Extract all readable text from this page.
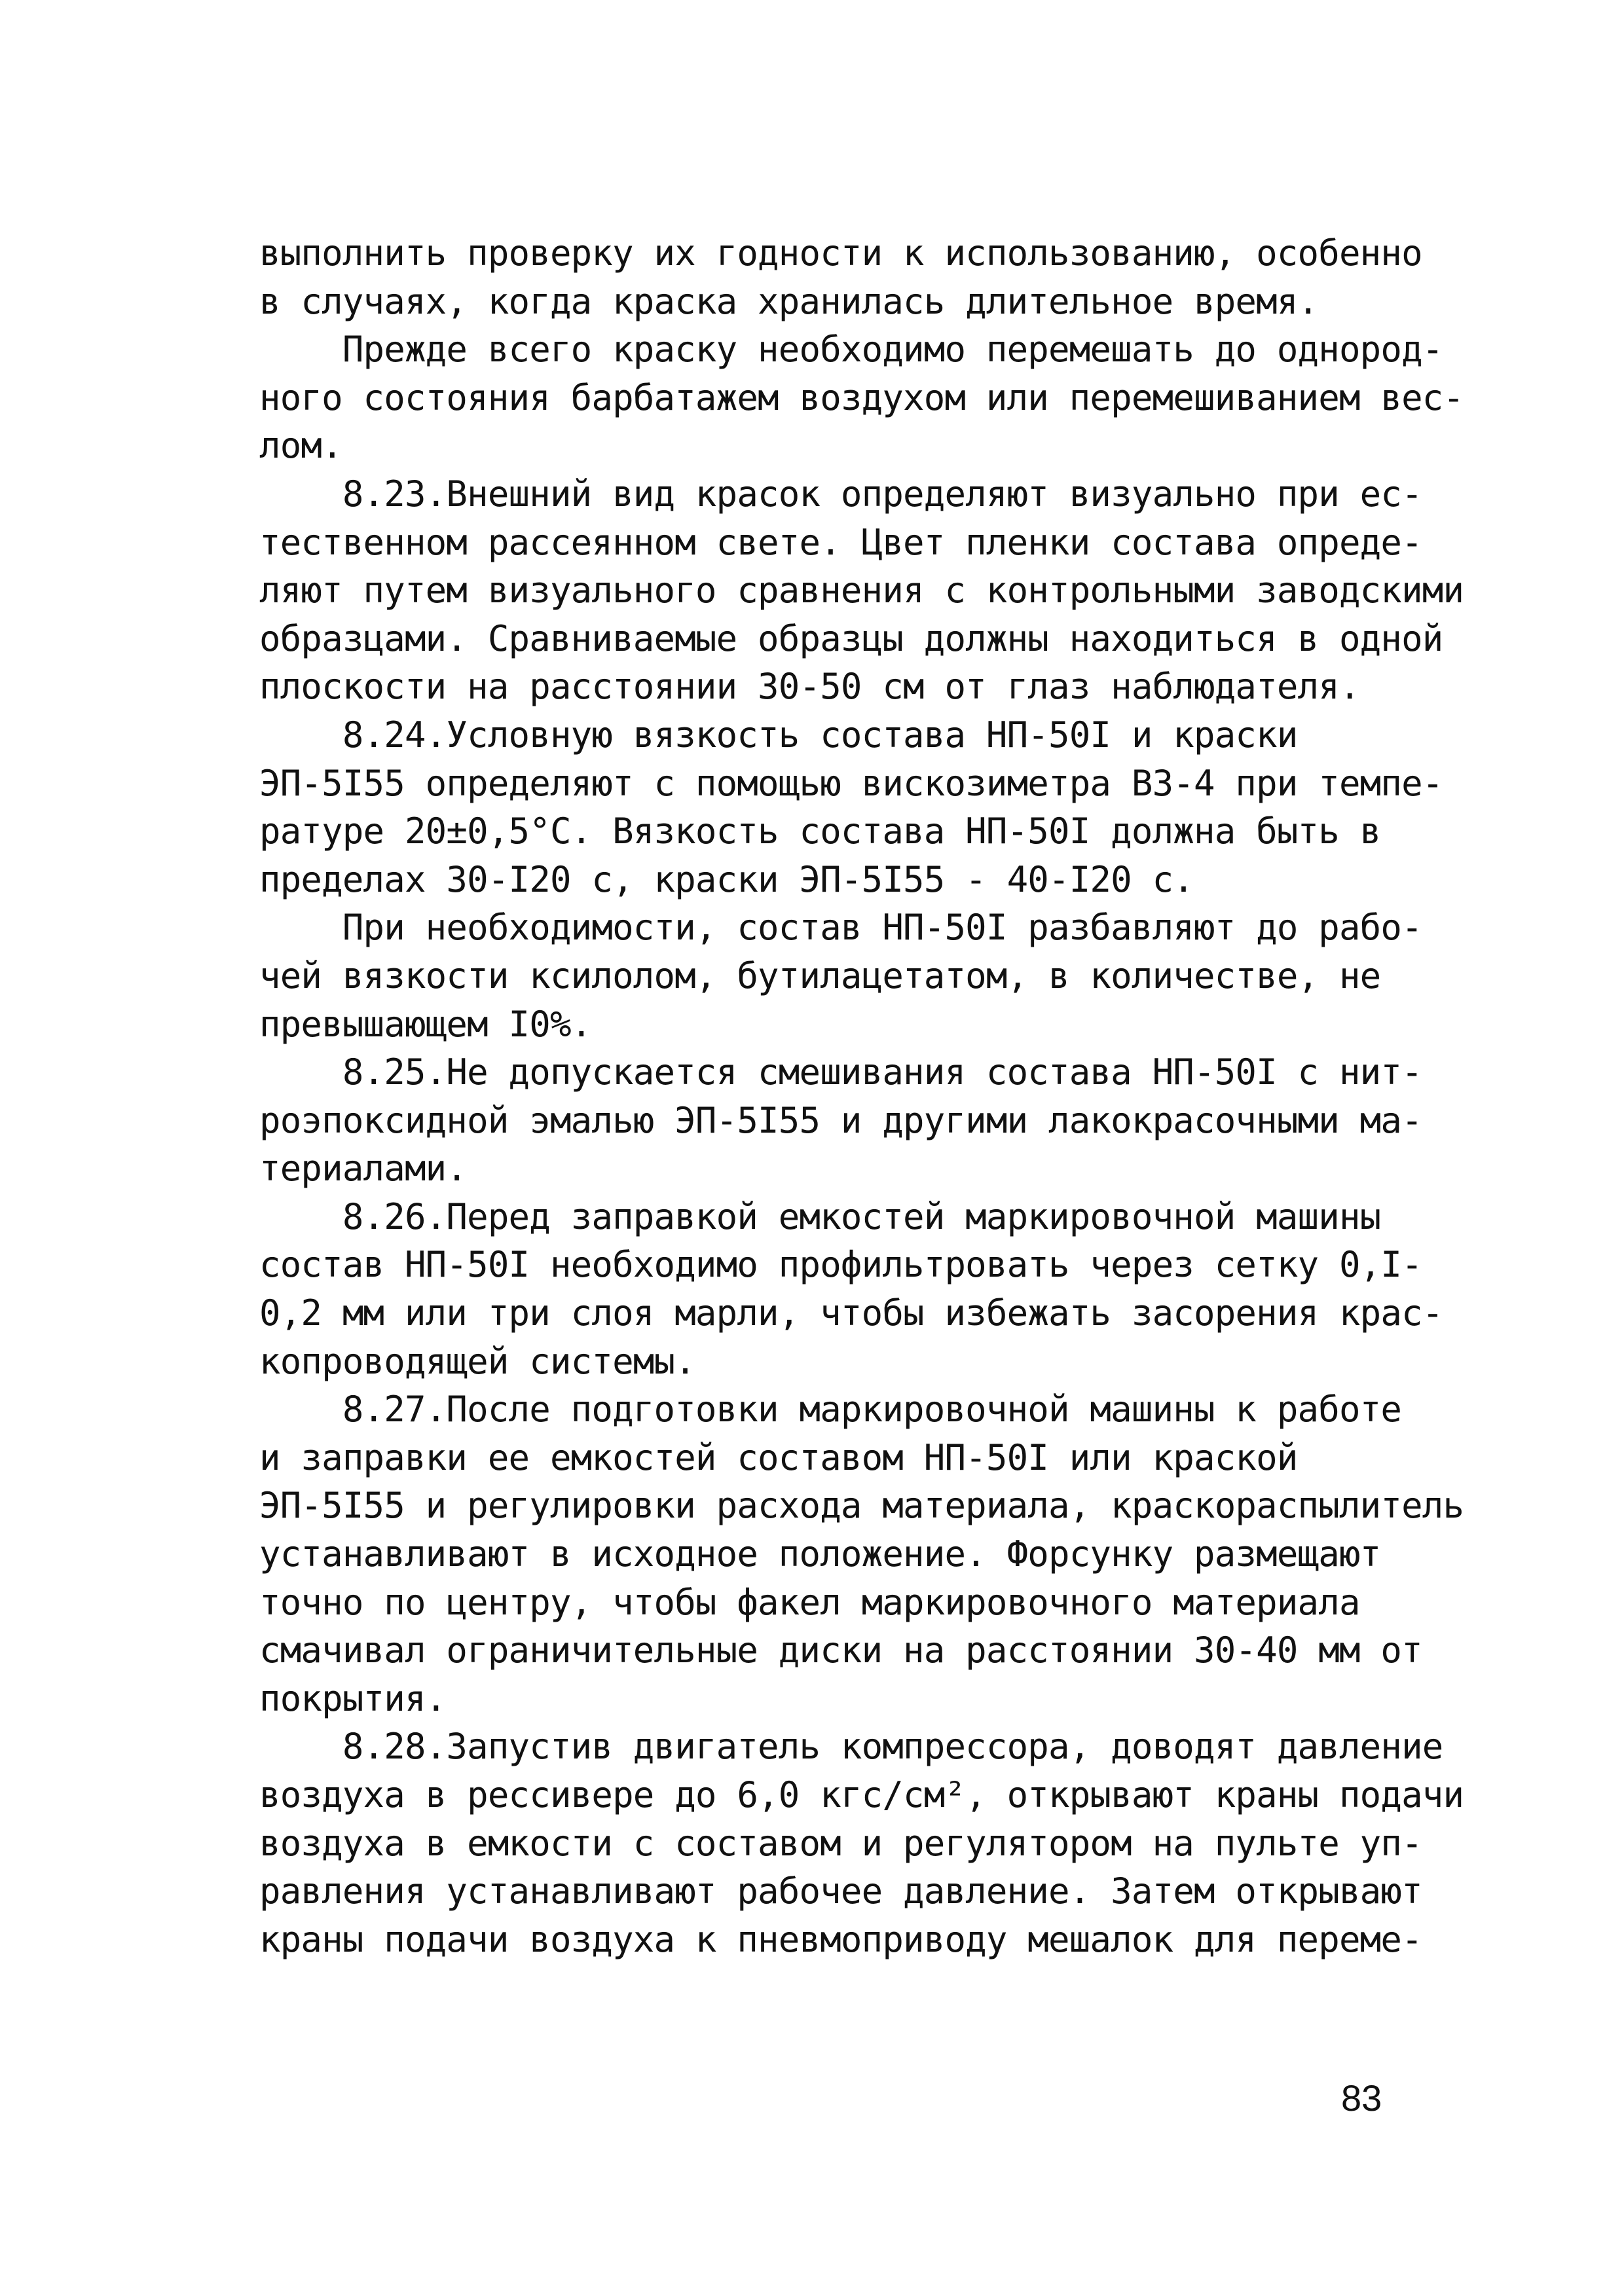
выполнить проверку их годности к использованию, особенно
в случаях, когда краска хранилась длительное время.
Прежде всего краску необходимо перемешать до однород-
ного состояния барбатажем воздухом или перемешиванием вес-
лом.
8.23.Внешний вид красок определяют визуально при ес-
тественном рассеянном свете. Цвет пленки состава опреде-
ляют путем визуального сравнения с контрольными заводскими
образцами. Сравниваемые образцы должны находиться в одной
плоскости на расстоянии 30-50 см от глаз наблюдателя.
8.24.Условную вязкость состава НП-50I и краски
ЭП-5I55 определяют с помощью вискозиметра ВЗ-4 при темпе-
ратуре 20±0,5°С. Вязкость состава НП-50I должна быть в
пределах 30-I20 с, краски ЭП-5I55 - 40-I20 с.
При необходимости, состав НП-50I разбавляют до рабо-
чей вязкости ксилолом, бутилацетатом, в количестве, не
превышающем I0%.
8.25.Не допускается смешивания состава НП-50I с нит-
роэпоксидной эмалью ЭП-5I55 и другими лакокрасочными ма-
териалами.
8.26.Перед заправкой емкостей маркировочной машины
состав НП-50I необходимо профильтровать через сетку 0,I-
0,2 мм или три слоя марли, чтобы избежать засорения крас-
копроводящей системы.
8.27.После подготовки маркировочной машины к работе
и заправки ее емкостей составом НП-50I или краской
ЭП-5I55 и регулировки расхода материала, краскораспылитель
устанавливают в исходное положение. Форсунку размещают
точно по центру, чтобы факел маркировочного материала
смачивал ограничительные диски на расстоянии 30-40 мм от
покрытия.
8.28.Запустив двигатель компрессора, доводят давление
воздуха в рессивере до 6,0 кгс/см², открывают краны подачи
воздуха в емкости с составом и регулятором на пульте уп-
равления устанавливают рабочее давление. Затем открывают
краны подачи воздуха к пневмоприводу мешалок для переме-
83
